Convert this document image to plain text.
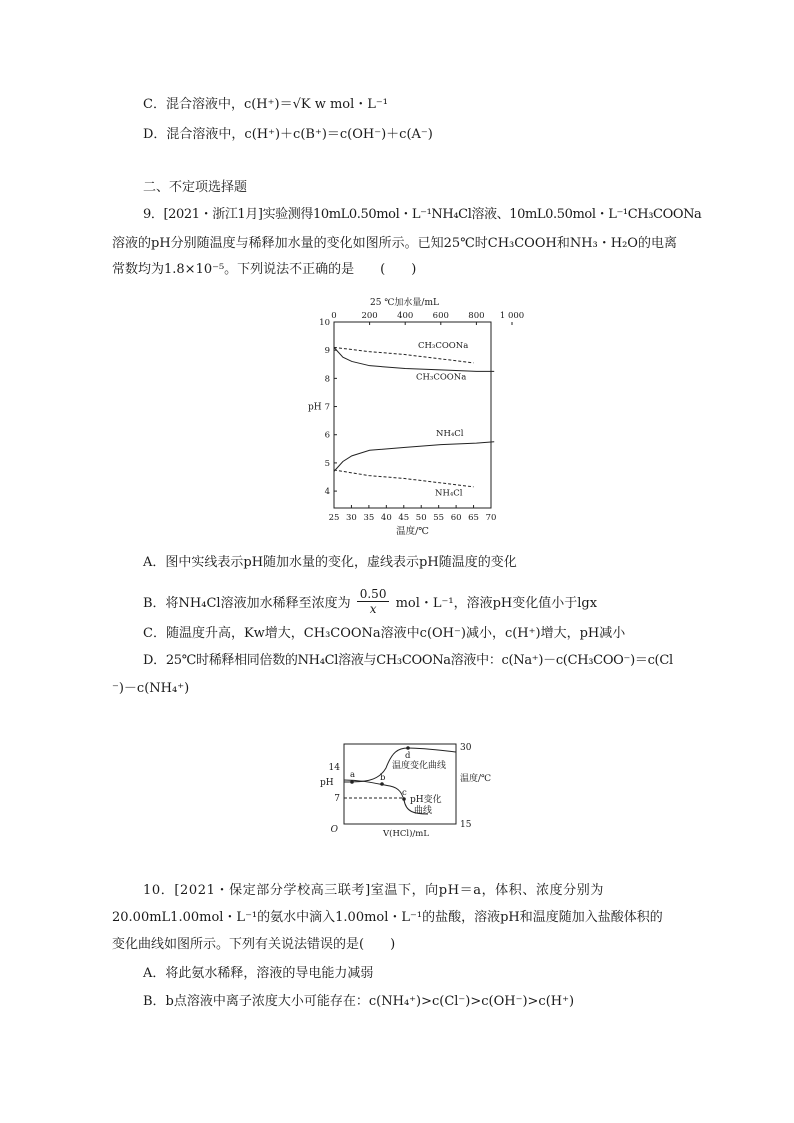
C．混合溶液中，c(H⁺)＝√K w mol・L⁻¹
D．混合溶液中，c(H⁺)＋c(B⁺)＝c(OH⁻)＋c(A⁻)
二、不定项选择题
9．[2021・浙江1月]实验测得10mL0.50mol・L⁻¹NH₄Cl溶液、10mL0.50mol・L⁻¹CH₃COONa
溶液的pH分别随温度与稀释加水量的变化如图所示。已知25℃时CH₃COOH和NH₃・H₂O的电离
常数均为1.8×10⁻⁵。下列说法不正确的是　　(　　)
25 ℃加水量/mL
0	200 400 600 800 1 000
25 30 35 40 45 50 55 60 65 70
温度/℃
4
5
6
7
8
9
10
pH
CH₃COONa
CH₃COONa
NH₄Cl
NH₄Cl
A．图中实线表示pH随加水量的变化，虚线表示pH随温度的变化
B．将NH₄Cl溶液加水稀释至浓度为 $\frac{0.50}{x}$ mol・L⁻¹，溶液pH变化值小于lgx
C．随温度升高，Kw增大，CH₃COONa溶液中c(OH⁻)减小，c(H⁺)增大，pH减小
D．25℃时稀释相同倍数的NH₄Cl溶液与CH₃COONa溶液中：c(Na⁺)－c(CH₃COO⁻)＝c(Cl
⁻)－c(NH₄⁺)
14
7
pH
O
30
15
温度/℃
V(HCl)/mL
a	b
c
d
温度变化曲线
pH变化
曲线
10．[2021・保定部分学校高三联考]室温下，向pH＝a，体积、浓度分别为
20.00mL1.00mol・L⁻¹的氨水中滴入1.00mol・L⁻¹的盐酸，溶液pH和温度随加入盐酸体积的
变化曲线如图所示。下列有关说法错误的是(　　)
A．将此氨水稀释，溶液的导电能力减弱
B．b点溶液中离子浓度大小可能存在：c(NH₄⁺)>c(Cl⁻)>c(OH⁻)>c(H⁺)
